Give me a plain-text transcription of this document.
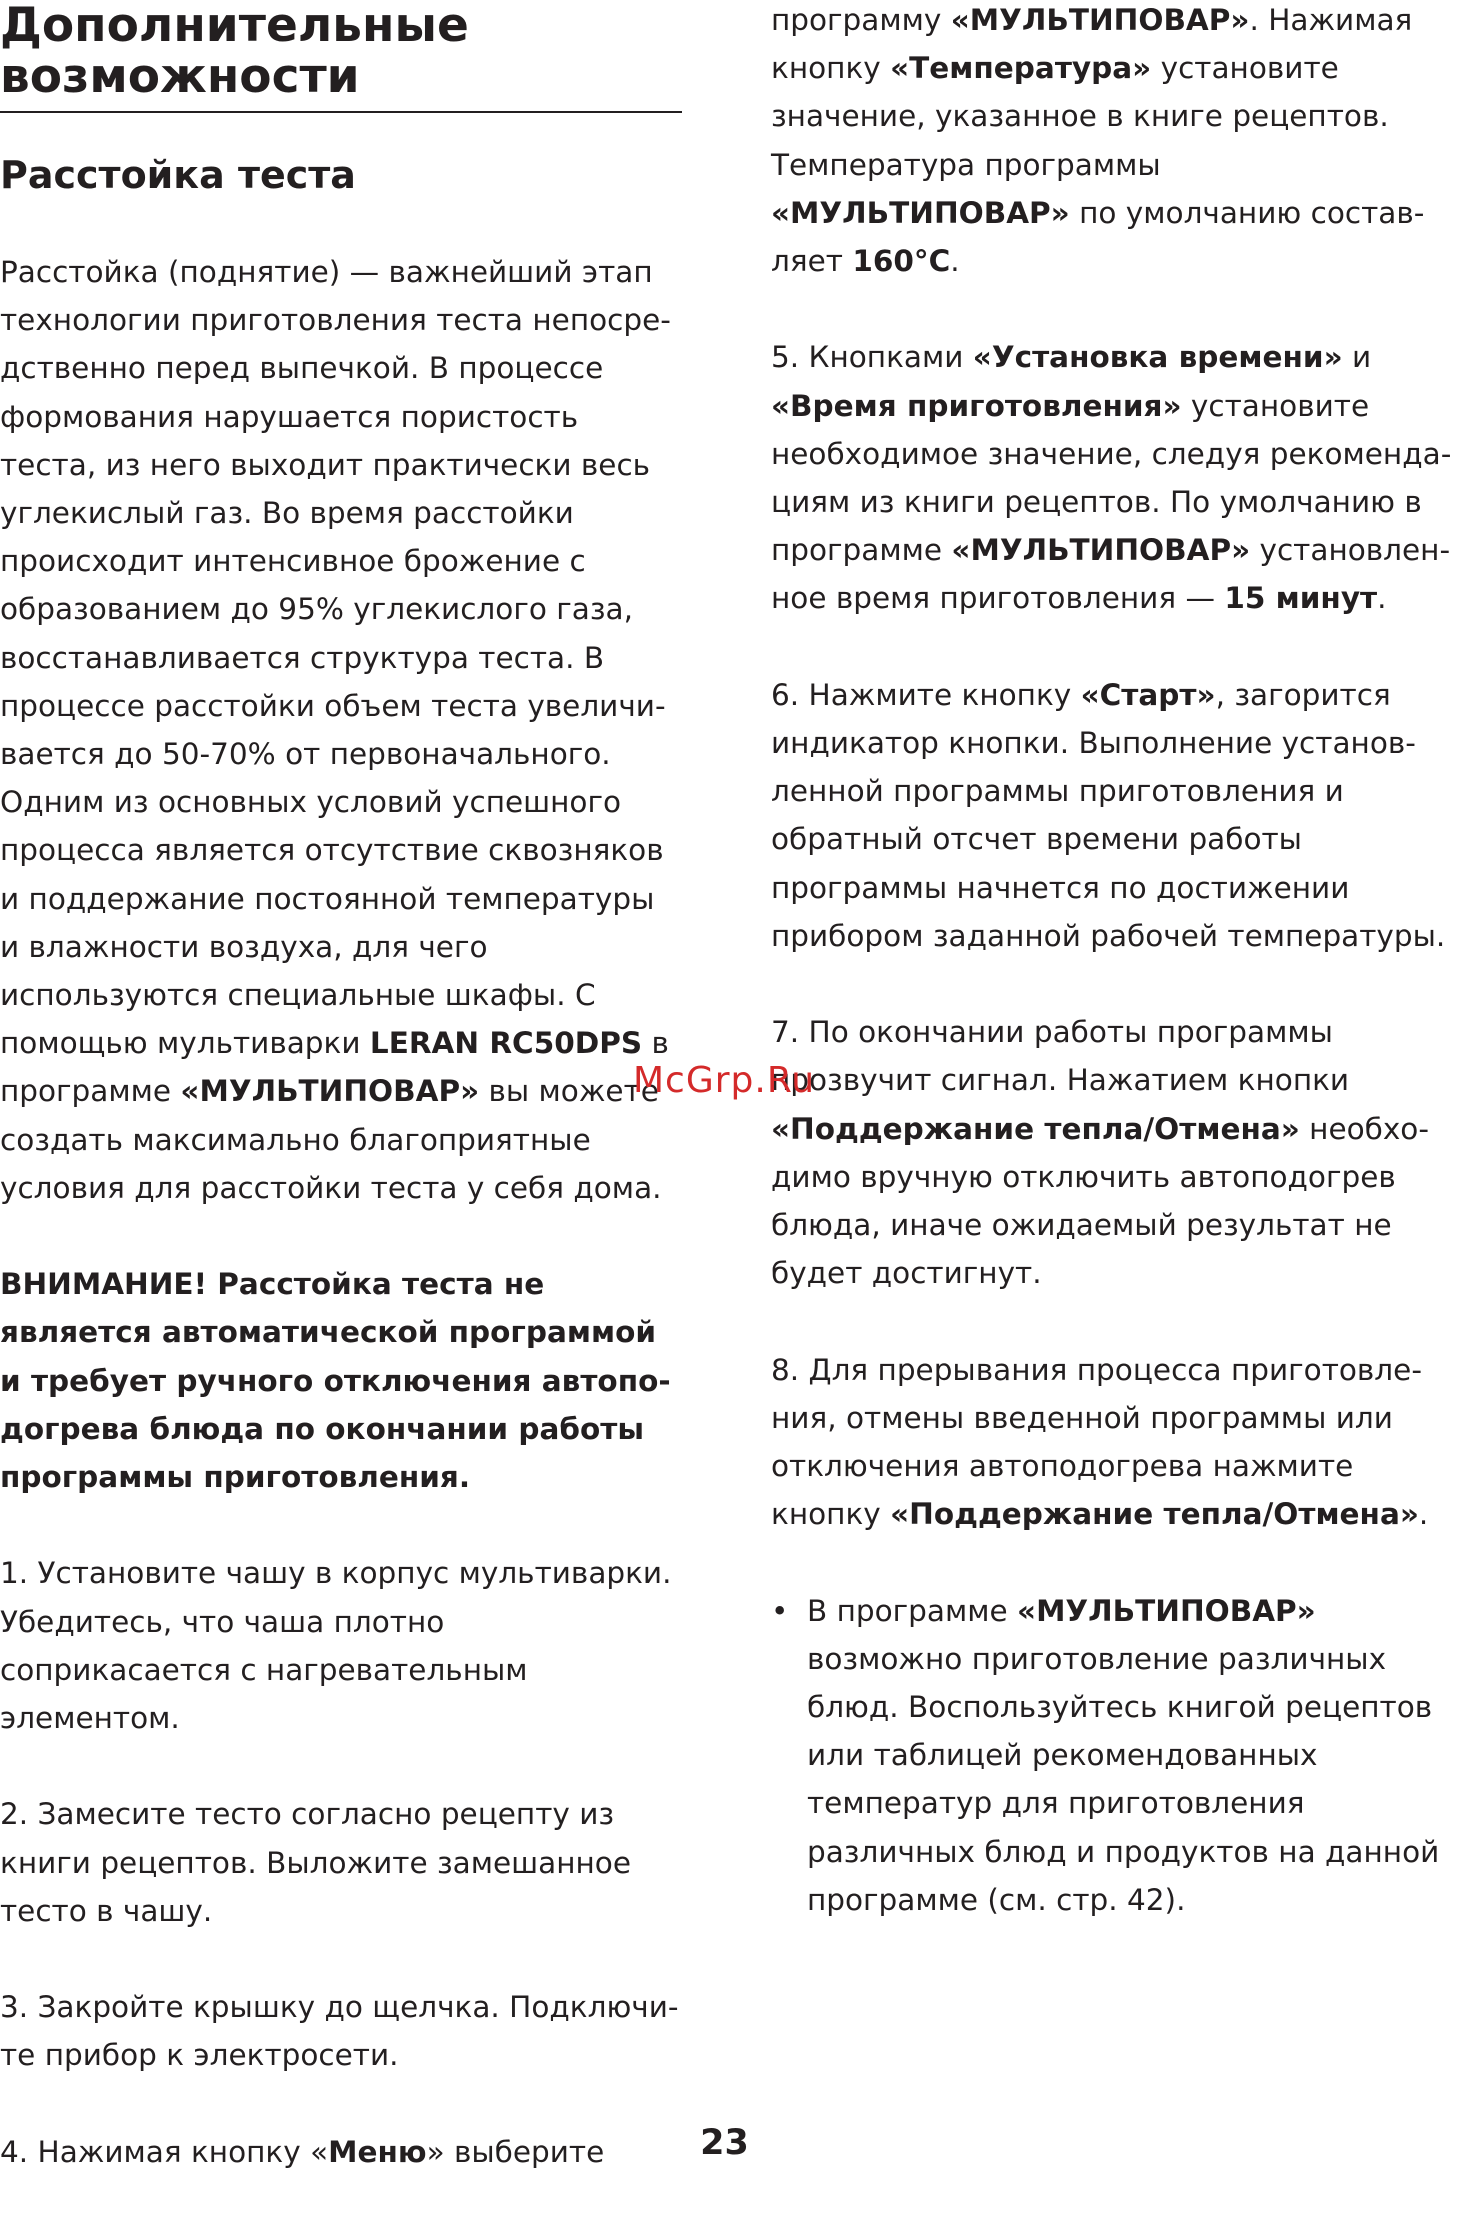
Дополнительные
возможности
Расстойка теста

Расстойка (поднятие) — важнейший этап технологии приготовления теста непосредственно перед выпечкой. В процессе формования нарушается пористость теста, из него выходит практически весь углекислый газ. Во время расстойки происходит интенсивное брожение с образованием до 95% углекислого газа, восстанавливается структура теста. В процессе расстойки объем теста увеличивается до 50-70% от первоначального. Одним из основных условий успешного процесса является отсутствие сквозняков и поддержание постоянной температуры и влажности воздуха, для чего используются специальные шкафы. С помощью мультиварки LERAN RC50DPS в программе «МУЛЬТИПОВАР» вы можете создать максимально благоприятные условия для расстойки теста у себя дома.

ВНИМАНИЕ! Расстойка теста не является автоматической программой и требует ручного отключения автоподогрева блюда по окончании работы программы приготовления.

1. Установите чашу в корпус мультиварки. Убедитесь, что чаша плотно соприкасается с нагревательным элементом.

2. Замесите тесто согласно рецепту из книги рецептов. Выложите замешанное тесто в чашу.

3. Закройте крышку до щелчка. Подключите прибор к электросети.

4. Нажимая кнопку «Меню» выберите

программу «МУЛЬТИПОВАР». Нажимая кнопку «Температура» установите значение, указанное в книге рецептов. Температура программы «МУЛЬТИПОВАР» по умолчанию составляет 160°C.

5. Кнопками «Установка времени» и «Время приготовления» установите необходимое значение, следуя рекомендациям из книги рецептов. По умолчанию в программе «МУЛЬТИПОВАР» установленное время приготовления — 15 минут.

6. Нажмите кнопку «Старт», загорится индикатор кнопки. Выполнение установленной программы приготовления и обратный отсчет времени работы программы начнется по достижении прибором заданной рабочей температуры.

7. По окончании работы программы прозвучит сигнал. Нажатием кнопки «Поддержание тепла/Отмена» необходимо вручную отключить автоподогрев блюда, иначе ожидаемый результат не будет достигнут.

8. Для прерывания процесса приготовления, отмены введенной программы или отключения автоподогрева нажмите кнопку «Поддержание тепла/Отмена».

• В программе «МУЛЬТИПОВАР» возможно приготовление различных блюд. Воспользуйтесь книгой рецептов или таблицей рекомендованных температур для приготовления различных блюд и продуктов на данной программе (см. стр. 42).
McGrp.Ru
23
